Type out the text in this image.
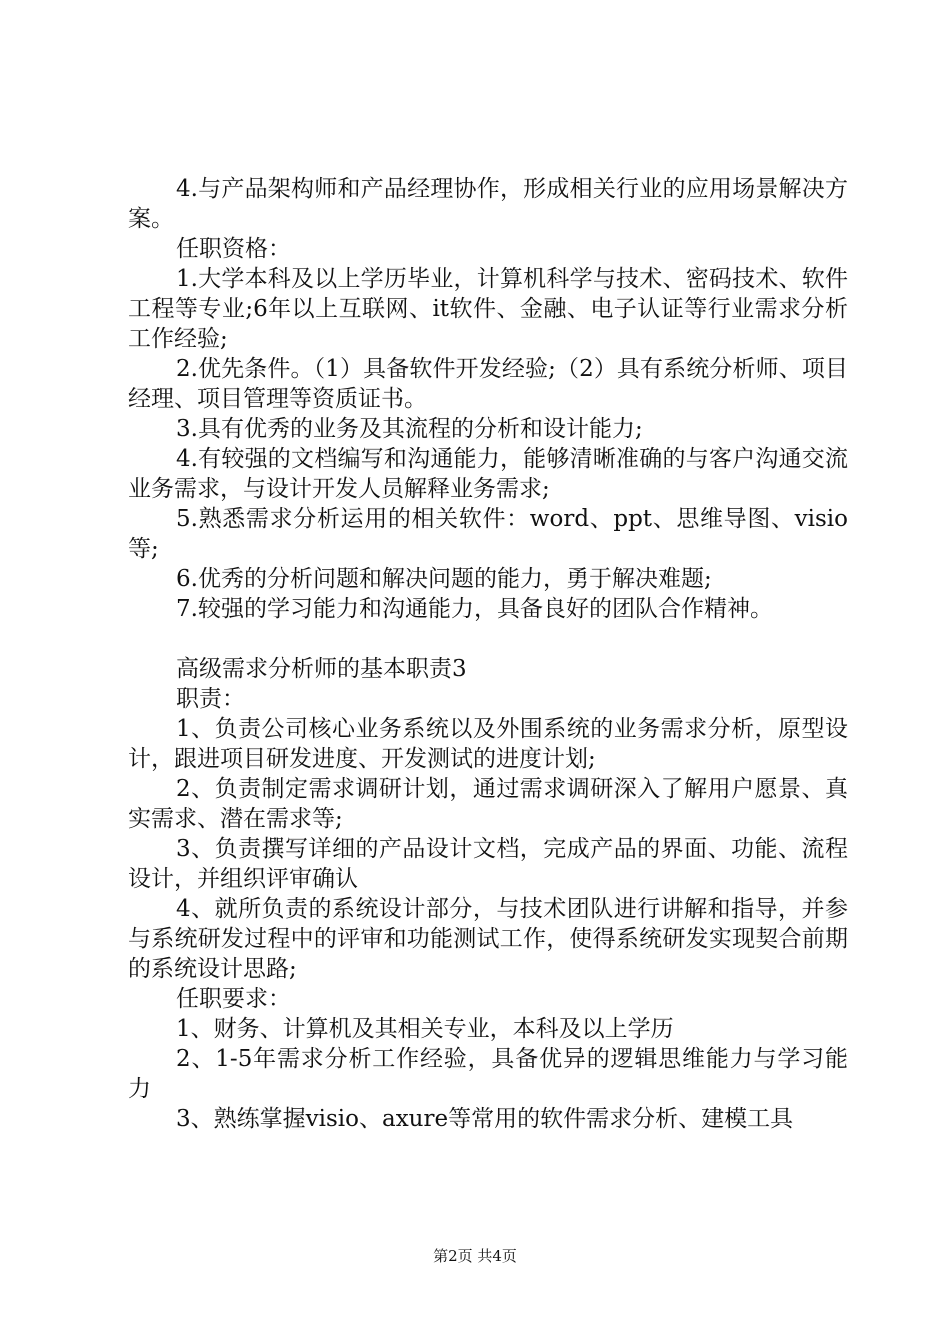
4.与产品架构师和产品经理协作，形成相关行业的应用场景解决方案。

任职资格：

1.大学本科及以上学历毕业，计算机科学与技术、密码技术、软件工程等专业;6年以上互联网、it软件、金融、电子认证等行业需求分析工作经验;

2.优先条件。（1）具备软件开发经验;（2）具有系统分析师、项目经理、项目管理等资质证书。

3.具有优秀的业务及其流程的分析和设计能力;

4.有较强的文档编写和沟通能力，能够清晰准确的与客户沟通交流业务需求，与设计开发人员解释业务需求;

5.熟悉需求分析运用的相关软件：word、ppt、思维导图、visio等;

6.优秀的分析问题和解决问题的能力，勇于解决难题;

7.较强的学习能力和沟通能力，具备良好的团队合作精神。

高级需求分析师的基本职责3

职责：

1、负责公司核心业务系统以及外围系统的业务需求分析，原型设计，跟进项目研发进度、开发测试的进度计划;

2、负责制定需求调研计划，通过需求调研深入了解用户愿景、真实需求、潜在需求等;

3、负责撰写详细的产品设计文档，完成产品的界面、功能、流程设计，并组织评审确认

4、就所负责的系统设计部分，与技术团队进行讲解和指导，并参与系统研发过程中的评审和功能测试工作，使得系统研发实现契合前期的系统设计思路;

任职要求：

1、财务、计算机及其相关专业，本科及以上学历

2、1-5年需求分析工作经验，具备优异的逻辑思维能力与学习能力

3、熟练掌握visio、axure等常用的软件需求分析、建模工具

第2页 共4页
